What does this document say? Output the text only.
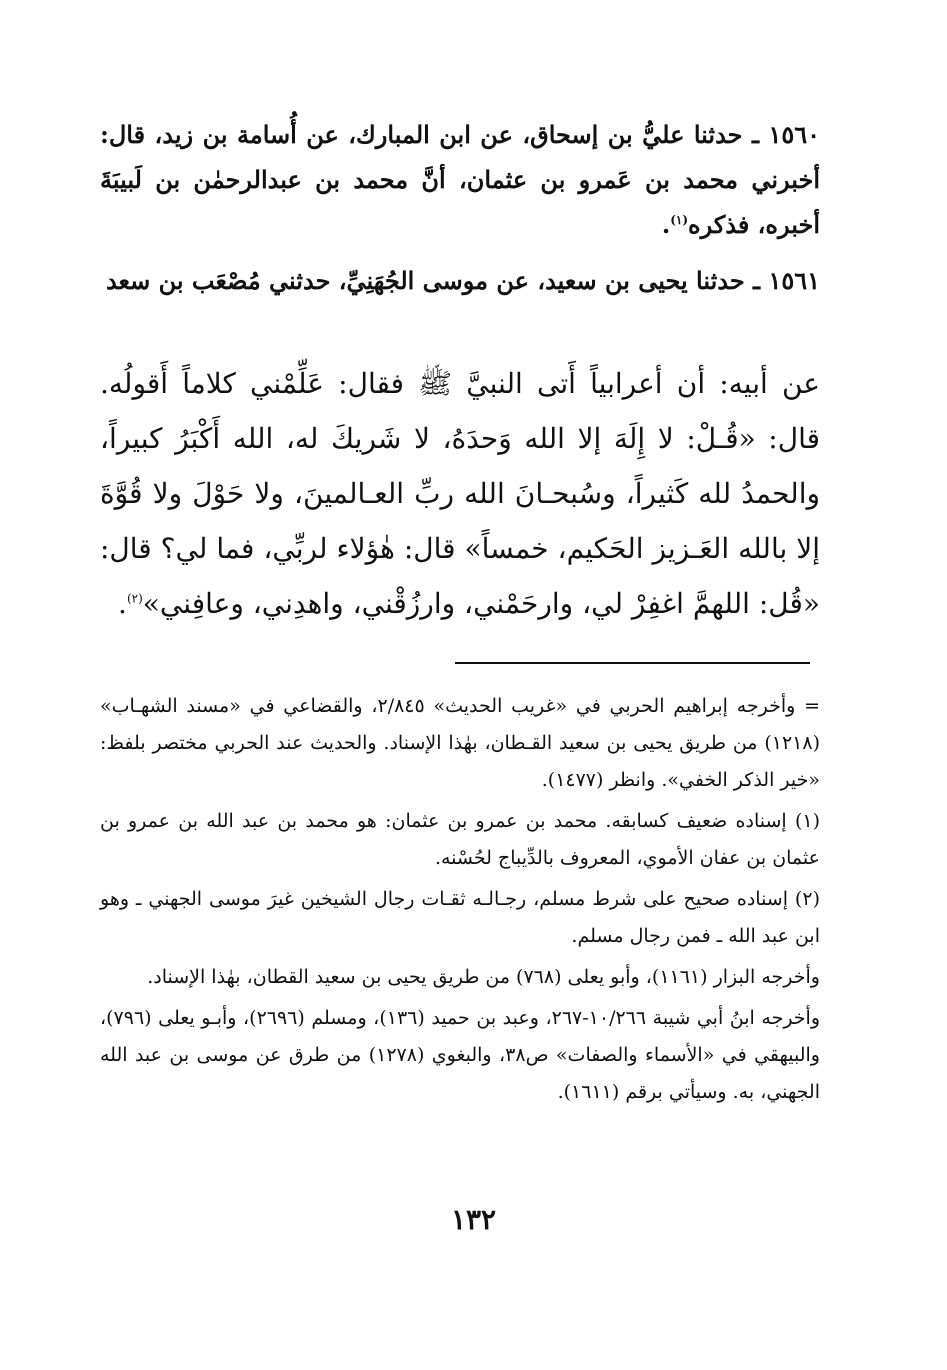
١٥٦٠ ـ حدثنا عليُّ بن إسحاق، عن ابن المبارك، عن أُسامة بن زيد، قال: أخبرني محمد بن عَمرو بن عثمان، أنَّ محمد بن عبدالرحمٰن بن لَبيبَةَ أخبره، فذكره$^{(١)}$.
١٥٦١ ـ حدثنا يحيى بن سعيد، عن موسى الجُهَنِيِّ، حدثني مُصْعَب بن سعد
عن أبيه: أن أعرابياً أَتى النبيَّ ﷺ فقال: عَلِّمْني كلاماً أَقولُه. قال: «قُـلْ: لا إِلَهَ إلا الله وَحدَهُ، لا شَريكَ له، الله أَكْبَرُ كبيراً، والحمدُ لله كَثيراً، وسُبحـانَ الله ربِّ العـالمينَ، ولا حَوْلَ ولا قُوَّةَ إلا بالله العَـزيز الحَكيم، خمساً» قال: هٰؤلاء لربِّي، فما لي؟ قال: «قُل: اللهمَّ اغفِرْ لي، وارحَمْني، وارزُقْني، واهدِني، وعافِني»$^{(٢)}$.
= وأخرجه إبراهيم الحربي في «غريب الحديث» ٢/٨٤٥، والقضاعي في «مسند الشهـاب» (١٢١٨) من طريق يحيى بن سعيد القـطان، بهٰذا الإسناد. والحديث عند الحربي مختصر بلفظ: «خير الذكر الخفي». وانظر (١٤٧٧).
(١) إسناده ضعيف كسابقه. محمد بن عمرو بن عثمان: هو محمد بن عبد الله بن عمرو بن عثمان بن عفان الأموي، المعروف بالدِّيباج لحُسْنه.
(٢) إسناده صحيح على شرط مسلم، رجـالـه ثقـات رجال الشيخين غيرَ موسى الجهني ـ وهو ابن عبد الله ـ فمن رجال مسلم.
وأخرجه البزار (١١٦١)، وأبو يعلى (٧٦٨) من طريق يحيى بن سعيد القطان، بهٰذا الإسناد.
وأخرجه ابنُ أبي شيبة ١٠/٢٦٦-٢٦٧، وعبد بن حميد (١٣٦)، ومسلم (٢٦٩٦)، وأبـو يعلى (٧٩٦)، والبيهقي في «الأسماء والصفات» ص٣٨، والبغوي (١٢٧٨) من طرق عن موسى بن عبد الله الجهني، به. وسيأتي برقم (١٦١١).
١٣٢
